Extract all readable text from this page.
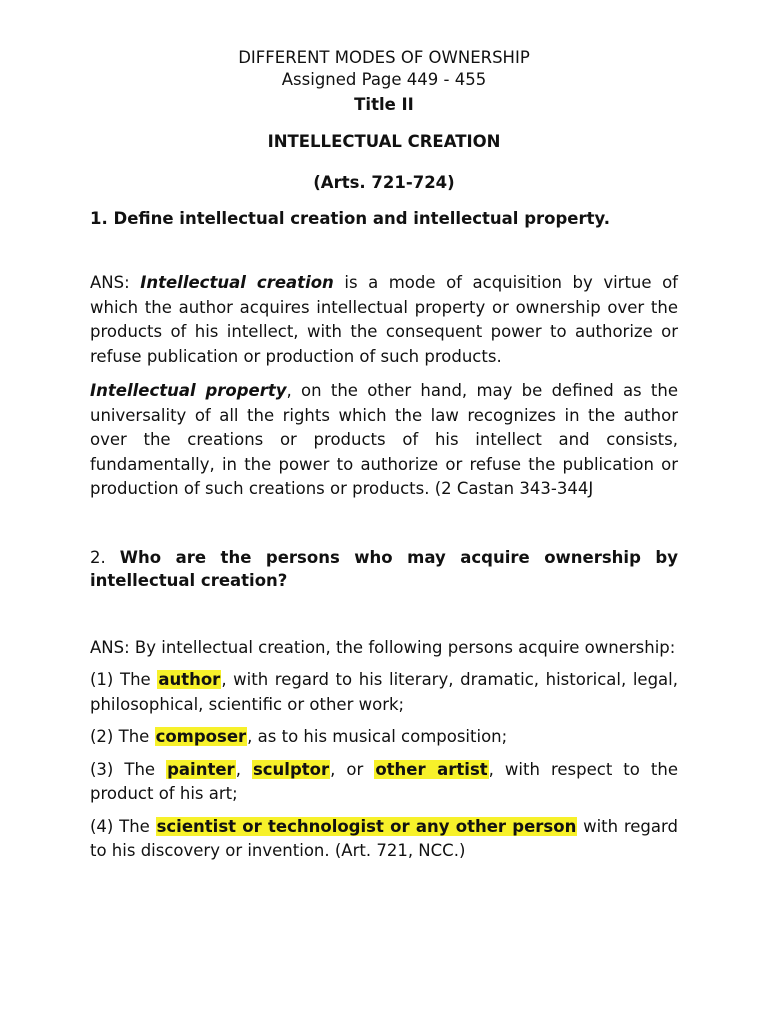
DIFFERENT MODES OF OWNERSHIP
Assigned Page 449 - 455
Title II
INTELLECTUAL CREATION
(Arts. 721-724)
1. Define intellectual creation and intellectual property.
ANS: Intellectual creation is a mode of acquisition by virtue of which the author acquires intellectual property or ownership over the products of his intellect, with the consequent power to authorize or refuse publication or production of such products.
Intellectual property, on the other hand, may be defined as the universality of all the rights which the law recognizes in the author over the creations or products of his intellect and consists, fundamentally, in the power to authorize or refuse the publication or production of such creations or products. (2 Castan 343-344J
2. Who are the persons who may acquire ownership by intellectual creation?
ANS: By intellectual creation, the following persons acquire ownership:
(1) The author, with regard to his literary, dramatic, historical, legal, philosophical, scientific or other work;
(2) The composer, as to his musical composition;
(3) The painter, sculptor, or other artist, with respect to the product of his art;
(4) The scientist or technologist or any other person with regard to his discovery or invention. (Art. 721, NCC.)
